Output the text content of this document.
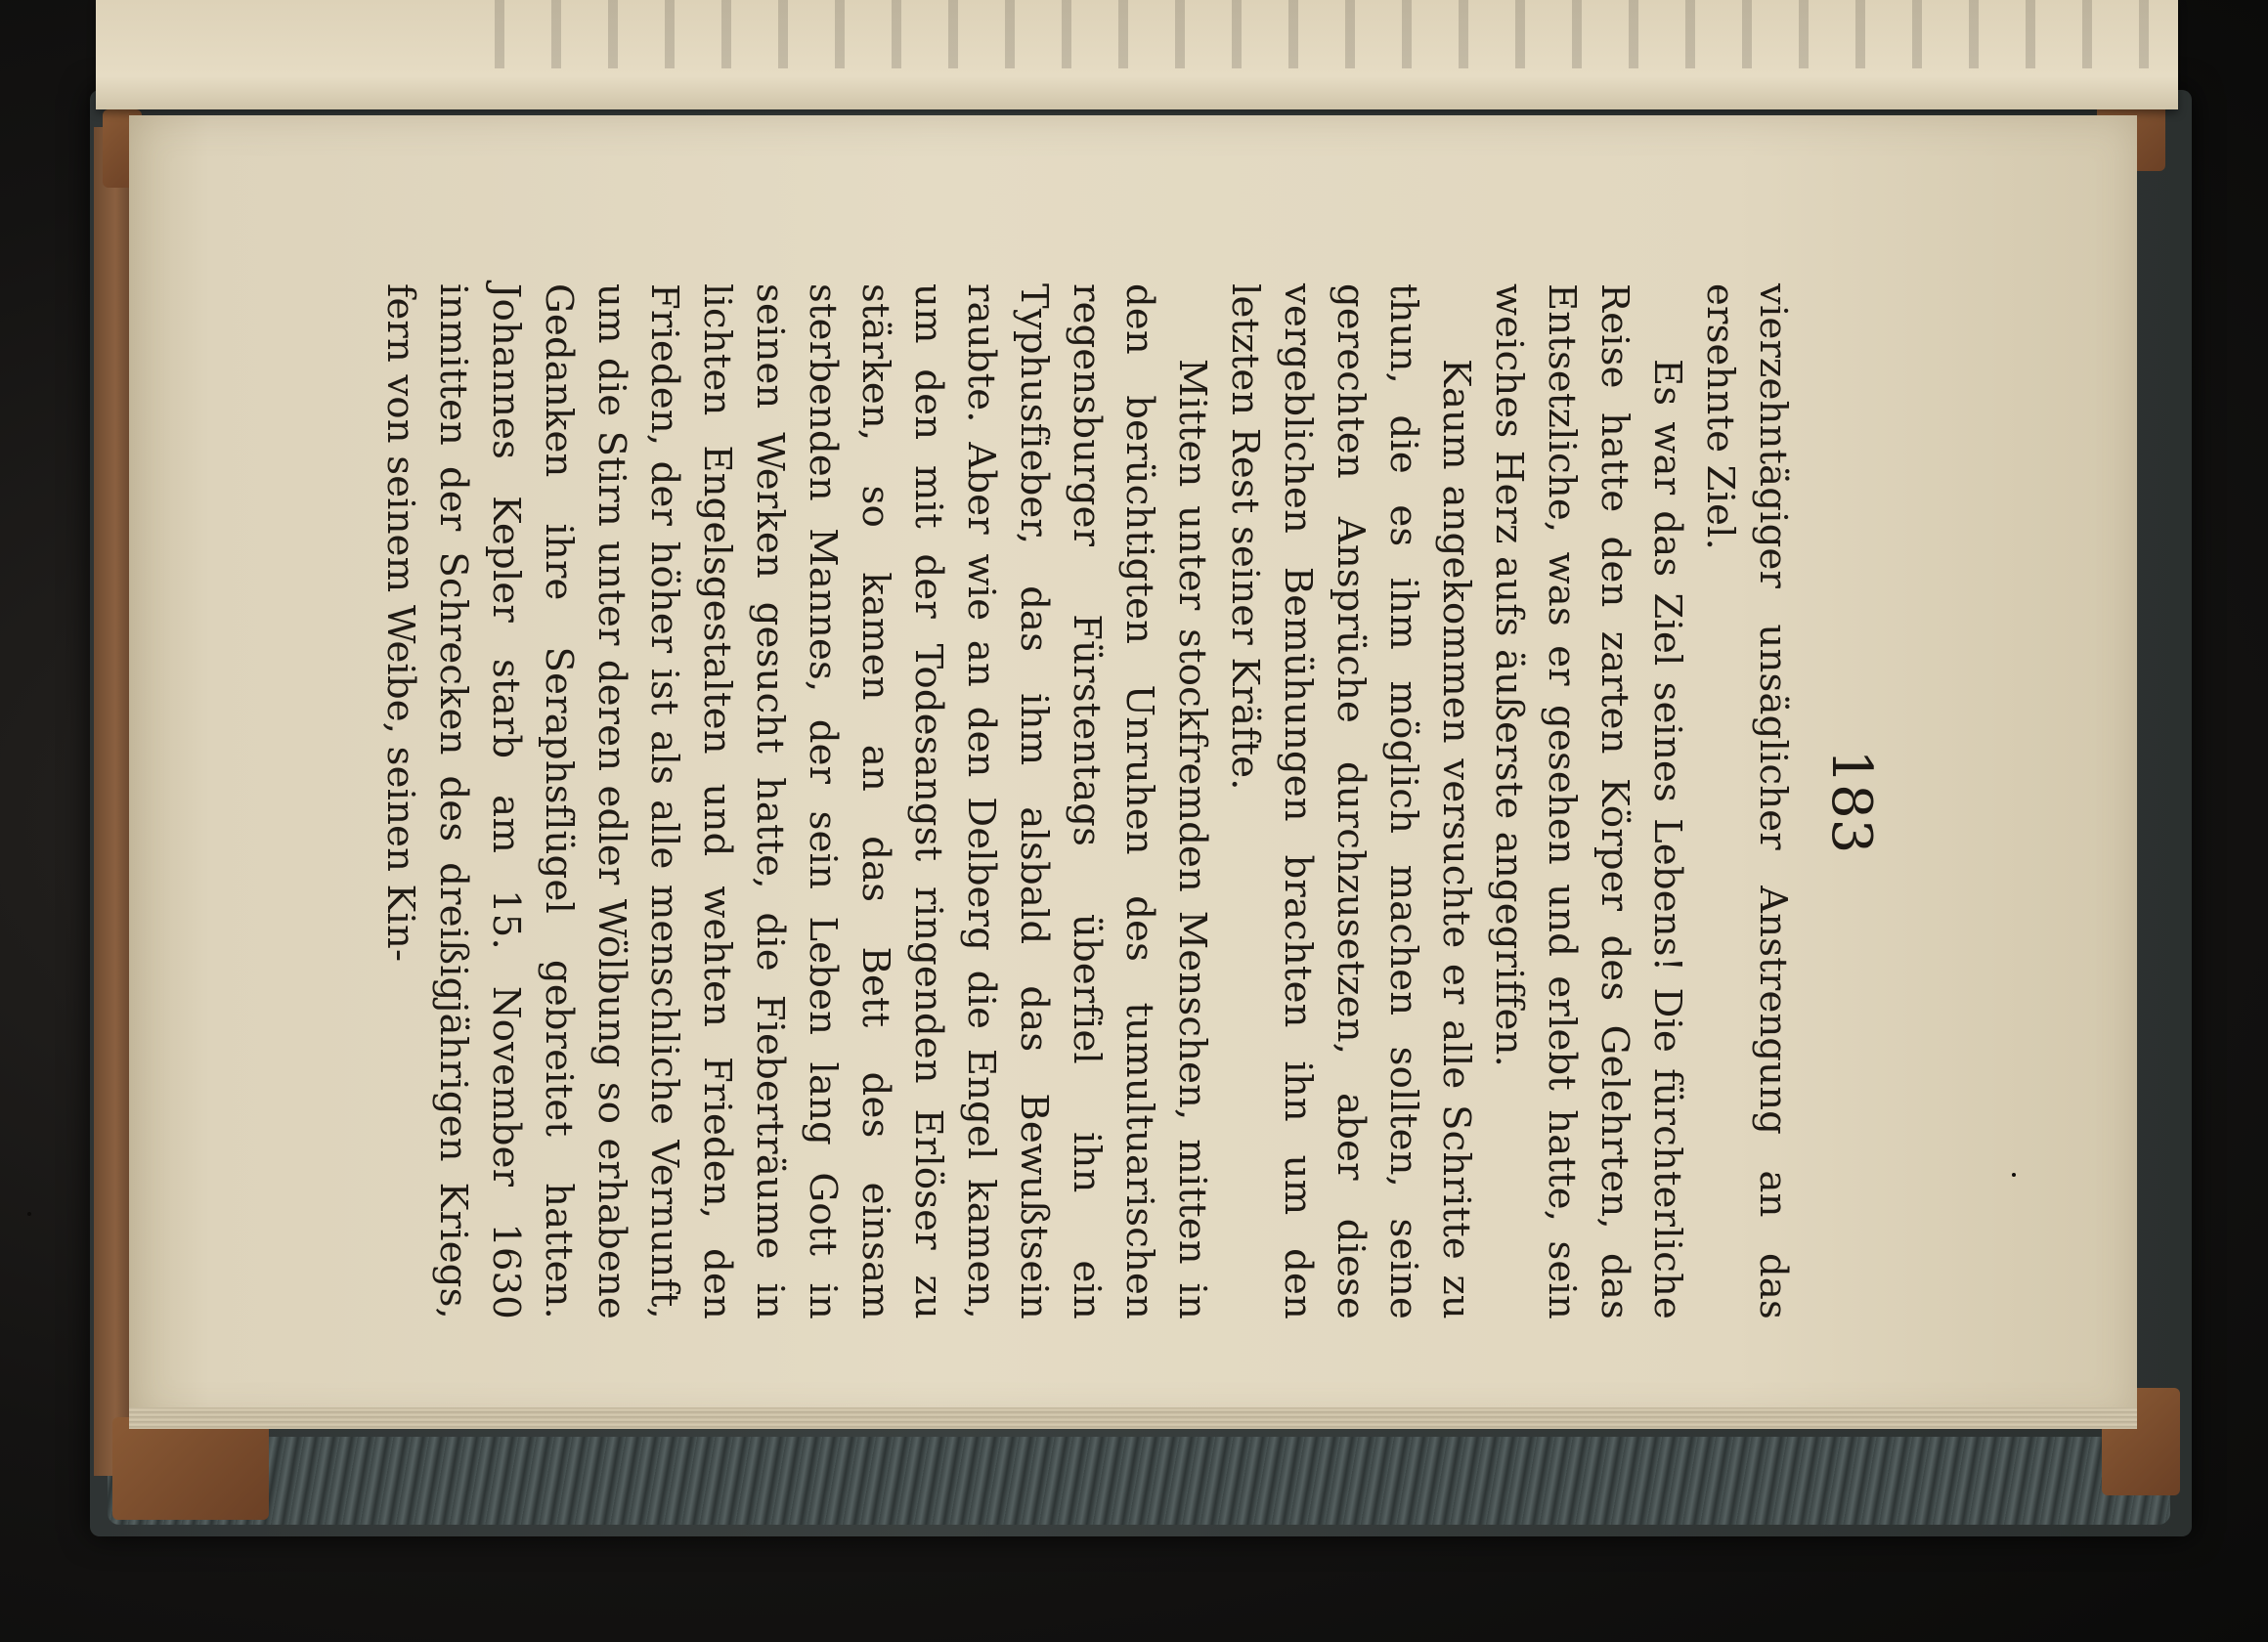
183

vierzehntägiger unsäglicher Anstrengung an das ersehnte Ziel.

Es war das Ziel seines Lebens! Die fürchterliche Reise hatte den zarten Körper des Gelehrten, das Entsetzliche, was er gesehen und erlebt hatte, sein weiches Herz aufs äußerste angegriffen.

Kaum angekommen versuchte er alle Schritte zu thun, die es ihm möglich machen sollten, seine gerechten Ansprüche durchzusetzen, aber diese vergeblichen Bemühungen brachten ihn um den letzten Rest seiner Kräfte.

Mitten unter stockfremden Menschen, mitten in den berüchtigten Unruhen des tumultuarischen regensburger Fürstentags überfiel ihn ein Typhusfieber, das ihm alsbald das Bewußtsein raubte. Aber wie an den Delberg die Engel kamen, um den mit der Todesangst ringenden Erlöser zu stärken, so kamen an das Bett des einsam sterbenden Mannes, der sein Leben lang Gott in seinen Werken gesucht hatte, die Fieberträume in lichten Engelsgestalten und wehten Frieden, den Frieden, der höher ist als alle menschliche Vernunft, um die Stirn unter deren edler Wölbung so erhabene Gedanken ihre Seraphsflügel gebreitet hatten. Johannes Kepler starb am 15. November 1630 inmitten der Schrecken des dreißigjährigen Kriegs, fern von seinem Weibe, seinen Kin-
